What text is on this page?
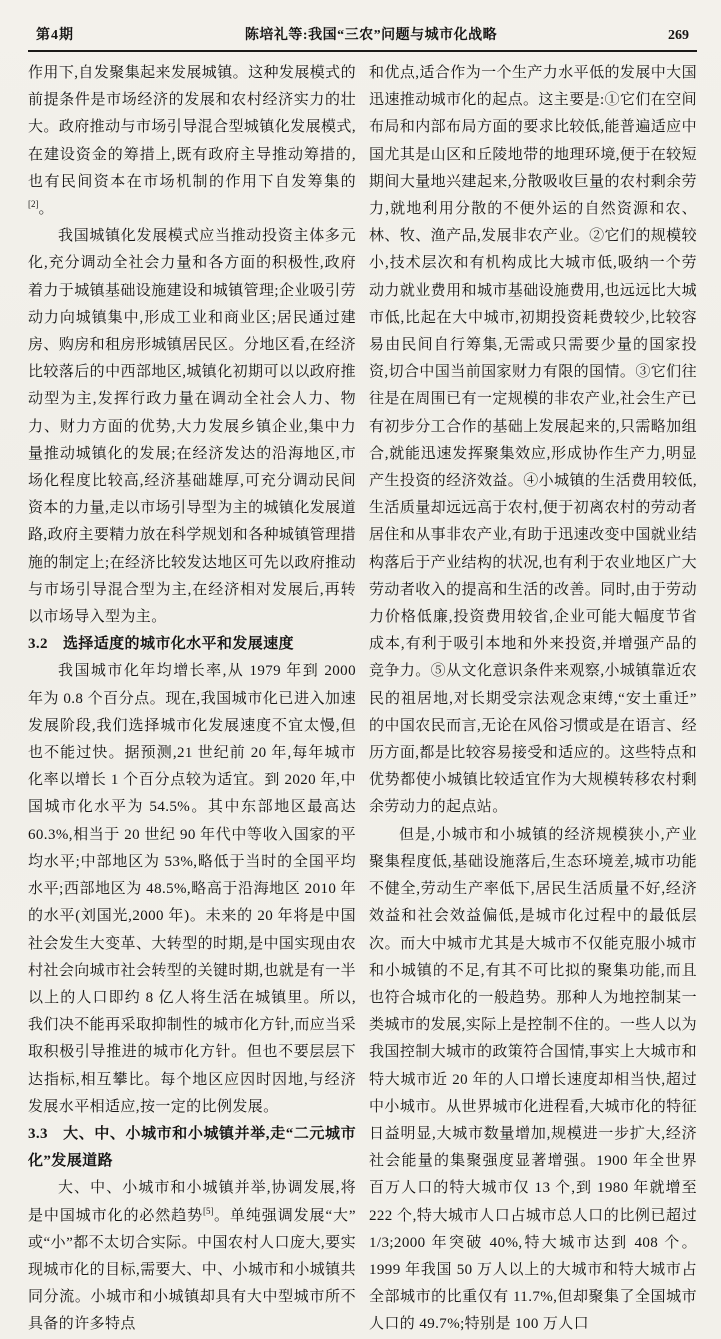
第4期	陈培礼等:我国“三农”问题与城市化战略	269

作用下,自发聚集起来发展城镇。这种发展模式的前提条件是市场经济的发展和农村经济实力的壮大。政府推动与市场引导混合型城镇化发展模式,在建设资金的筹措上,既有政府主导推动筹措的,也有民间资本在市场机制的作用下自发筹集的[2]。

我国城镇化发展模式应当推动投资主体多元化,充分调动全社会力量和各方面的积极性,政府着力于城镇基础设施建设和城镇管理;企业吸引劳动力向城镇集中,形成工业和商业区;居民通过建房、购房和租房形城镇居民区。分地区看,在经济比较落后的中西部地区,城镇化初期可以以政府推动型为主,发挥行政力量在调动全社会人力、物力、财力方面的优势,大力发展乡镇企业,集中力量推动城镇化的发展;在经济发达的沿海地区,市场化程度比较高,经济基础雄厚,可充分调动民间资本的力量,走以市场引导型为主的城镇化发展道路,政府主要精力放在科学规划和各种城镇管理措施的制定上;在经济比较发达地区可先以政府推动与市场引导混合型为主,在经济相对发展后,再转以市场导入型为主。

3.2 选择适度的城市化水平和发展速度

我国城市化年均增长率,从 1979 年到 2000 年为 0.8 个百分点。现在,我国城市化已进入加速发展阶段,我们选择城市化发展速度不宜太慢,但也不能过快。据预测,21 世纪前 20 年,每年城市化率以增长 1 个百分点较为适宜。到 2020 年,中国城市化水平为 54.5%。其中东部地区最高达 60.3%,相当于 20 世纪 90 年代中等收入国家的平均水平;中部地区为 53%,略低于当时的全国平均水平;西部地区为 48.5%,略高于沿海地区 2010 年的水平(刘国光,2000 年)。未来的 20 年将是中国社会发生大变革、大转型的时期,是中国实现由农村社会向城市社会转型的关键时期,也就是有一半以上的人口即约 8 亿人将生活在城镇里。所以,我们决不能再采取抑制性的城市化方针,而应当采取积极引导推进的城市化方针。但也不要层层下达指标,相互攀比。每个地区应因时因地,与经济发展水平相适应,按一定的比例发展。

3.3 大、中、小城市和小城镇并举,走“二元城市化”发展道路

大、中、小城市和小城镇并举,协调发展,将是中国城市化的必然趋势[5]。单纯强调发展“大”或“小”都不太切合实际。中国农村人口庞大,要实现城市化的目标,需要大、中、小城市和小城镇共同分流。小城市和小城镇却具有大中型城市所不具备的许多特点

和优点,适合作为一个生产力水平低的发展中大国迅速推动城市化的起点。这主要是:①它们在空间布局和内部布局方面的要求比较低,能普遍适应中国尤其是山区和丘陵地带的地理环境,便于在较短期间大量地兴建起来,分散吸收巨量的农村剩余劳力,就地利用分散的不便外运的自然资源和农、林、牧、渔产品,发展非农产业。②它们的规模较小,技术层次和有机构成比大城市低,吸纳一个劳动力就业费用和城市基础设施费用,也远远比大城市低,比起在大中城市,初期投资耗费较少,比较容易由民间自行筹集,无需或只需要少量的国家投资,切合中国当前国家财力有限的国情。③它们往往是在周围已有一定规模的非农产业,社会生产已有初步分工合作的基础上发展起来的,只需略加组合,就能迅速发挥聚集效应,形成协作生产力,明显产生投资的经济效益。④小城镇的生活费用较低,生活质量却远远高于农村,便于初离农村的劳动者居住和从事非农产业,有助于迅速改变中国就业结构落后于产业结构的状况,也有利于农业地区广大劳动者收入的提高和生活的改善。同时,由于劳动力价格低廉,投资费用较省,企业可能大幅度节省成本,有利于吸引本地和外来投资,并增强产品的竞争力。⑤从文化意识条件来观察,小城镇靠近农民的祖居地,对长期受宗法观念束缚,“安土重迁”的中国农民而言,无论在风俗习惯或是在语言、经历方面,都是比较容易接受和适应的。这些特点和优势都使小城镇比较适宜作为大规模转移农村剩余劳动力的起点站。

但是,小城市和小城镇的经济规模狭小,产业聚集程度低,基础设施落后,生态环境差,城市功能不健全,劳动生产率低下,居民生活质量不好,经济效益和社会效益偏低,是城市化过程中的最低层次。而大中城市尤其是大城市不仅能克服小城市和小城镇的不足,有其不可比拟的聚集功能,而且也符合城市化的一般趋势。那种人为地控制某一类城市的发展,实际上是控制不住的。一些人以为我国控制大城市的政策符合国情,事实上大城市和特大城市近 20 年的人口增长速度却相当快,超过中小城市。从世界城市化进程看,大城市化的特征日益明显,大城市数量增加,规模进一步扩大,经济社会能量的集聚强度显著增强。1900 年全世界百万人口的特大城市仅 13 个,到 1980 年就增至 222 个,特大城市人口占城市总人口的比例已超过 1/3;2000 年突破 40%,特大城市达到 408 个。1999 年我国 50 万人以上的大城市和特大城市占全部城市的比重仅有 11.7%,但却聚集了全国城市人口的 49.7%;特别是 100 万人口
